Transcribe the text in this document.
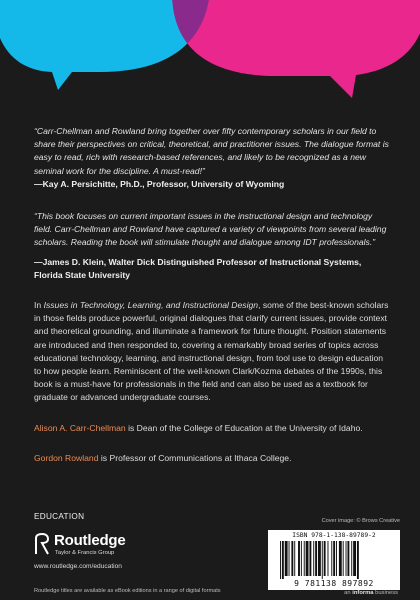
“Carr-Chellman and Rowland bring together over fifty contemporary scholars in our field to share their perspectives on critical, theoretical, and practitioner issues. The dialogue format is easy to read, rich with research-based references, and likely to be recognized as a new seminal work for the discipline. A must-read!”
—Kay A. Persichitte, Ph.D., Professor, University of Wyoming
“This book focuses on current important issues in the instructional design and technology field. Carr-Chellman and Rowland have captured a variety of viewpoints from several leading scholars. Reading the book will stimulate thought and dialogue among IDT professionals.”
—James D. Klein, Walter Dick Distinguished Professor of Instructional Systems, Florida State University
In Issues in Technology, Learning, and Instructional Design, some of the best-known scholars in those fields produce powerful, original dialogues that clarify current issues, provide context and theoretical grounding, and illuminate a framework for future thought. Position statements are introduced and then responded to, covering a remarkably broad series of topics across educational technology, learning, and instructional design, from tool use to design education to how people learn. Reminiscent of the well-known Clark/Kozma debates of the 1990s, this book is a must-have for professionals in the field and can also be used as a textbook for graduate or advanced undergraduate courses.
Alison A. Carr-Chellman is Dean of the College of Education at the University of Idaho.
Gordon Rowland is Professor of Communications at Ithaca College.
EDUCATION	Cover image: © Brows Creative
Routledge
Taylor & Francis Group
www.routledge.com/education
Routledge titles are available as eBook editions in a range of digital formats
ISBN 978-1-138-89789-2
9 781138 897892
an informa business
